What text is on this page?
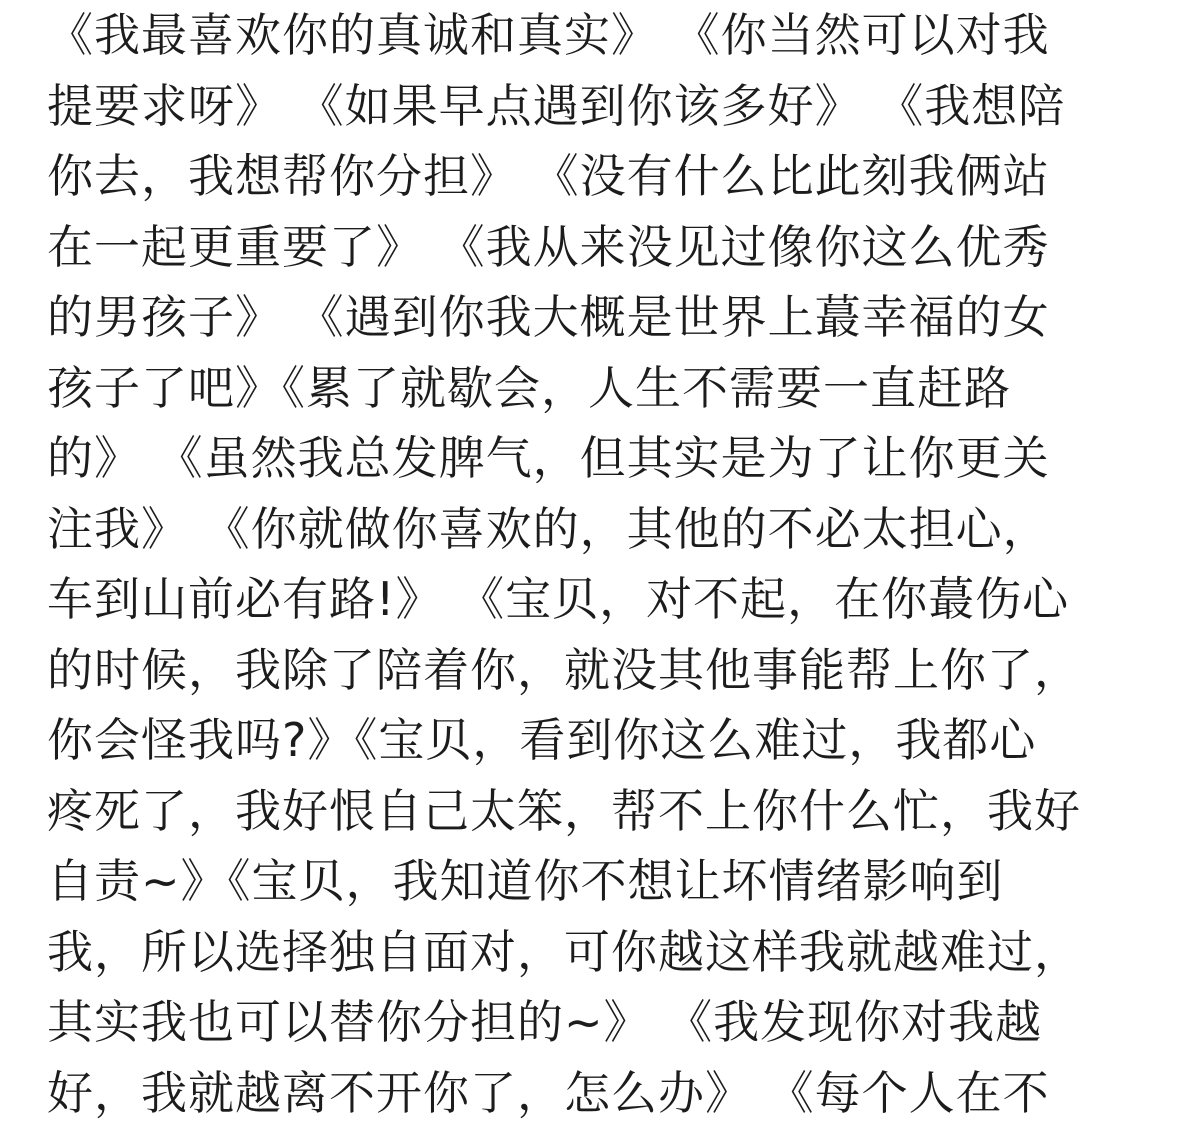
《我最喜欢你的真诚和真实》 《你当然可以对我
提要求呀》 《如果早点遇到你该多好》 《我想陪
你去，我想帮你分担》 《没有什么比此刻我俩站
在一起更重要了》 《我从来没见过像你这么优秀
的男孩子》 《遇到你我大概是世界上蕞幸福的女
孩子了吧》《累了就歇会，人生不需要一直赶路
的》 《虽然我总发脾气，但其实是为了让你更关
注我》 《你就做你喜欢的，其他的不必太担心，
车到山前必有路!》 《宝贝，对不起，在你蕞伤心
的时候，我除了陪着你，就没其他事能帮上你了，
你会怪我吗?》《宝贝，看到你这么难过，我都心
疼死了，我好恨自己太笨，帮不上你什么忙，我好
自责~》《宝贝，我知道你不想让坏情绪影响到
我，所以选择独自面对，可你越这样我就越难过，
其实我也可以替你分担的~》 《我发现你对我越
好，我就越离不开你了，怎么办》 《每个人在不
